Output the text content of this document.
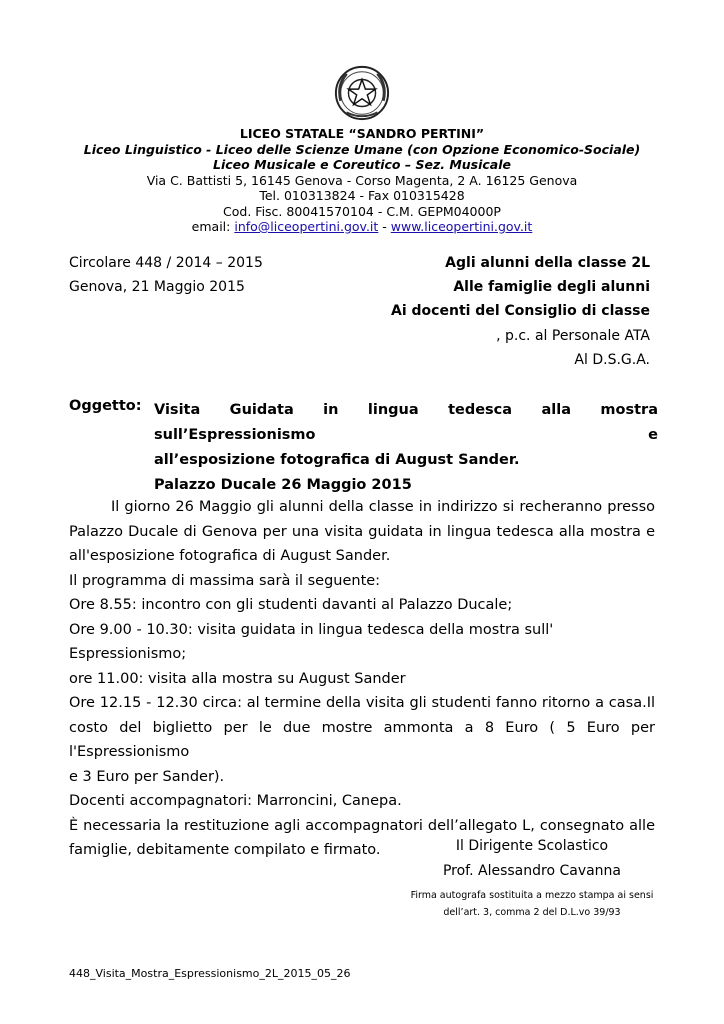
LICEO STATALE “SANDRO PERTINI”
Liceo Linguistico - Liceo delle Scienze Umane (con Opzione Economico-Sociale)
Liceo Musicale e Coreutico – Sez. Musicale
Via C. Battisti 5, 16145 Genova - Corso Magenta, 2 A. 16125 Genova
Tel. 010313824 - Fax 010315428
Cod. Fisc. 80041570104 - C.M. GEPM04000P
email: info@liceopertini.gov.it - www.liceopertini.gov.it
Circolare 448 / 2014 – 2015
Genova, 21 Maggio 2015
Agli alunni della classe 2L
Alle famiglie degli alunni
Ai docenti del Consiglio di classe
, p.c. al Personale ATA
Al D.S.G.A.
Oggetto: Visita Guidata in lingua tedesca alla mostra sull’Espressionismo e
all’esposizione fotografica di August Sander.
Palazzo Ducale 26 Maggio 2015
Il giorno 26 Maggio gli alunni della classe in indirizzo si recheranno presso
Palazzo Ducale di Genova per una visita guidata in lingua tedesca alla mostra e
all'esposizione fotografica di August Sander.
Il programma di massima sarà il seguente:
Ore 8.55: incontro con gli studenti davanti al Palazzo Ducale;
Ore 9.00 - 10.30: visita guidata in lingua tedesca della mostra sull' Espressionismo;
ore 11.00: visita alla mostra su August Sander
Ore 12.15 - 12.30 circa: al termine della visita gli studenti fanno ritorno a casa.Il
costo del biglietto per le due mostre ammonta a 8 Euro ( 5 Euro per l'Espressionismo
e 3 Euro per Sander).
Docenti accompagnatori: Marroncini, Canepa.
È necessaria la restituzione agli accompagnatori dell’allegato L, consegnato alle
famiglie, debitamente compilato e firmato.	Il Dirigente Scolastico
Prof. Alessandro Cavanna
Firma autografa sostituita a mezzo stampa ai sensi
dell’art. 3, comma 2 del D.L.vo 39/93
448_Visita_Mostra_Espressionismo_2L_2015_05_26
